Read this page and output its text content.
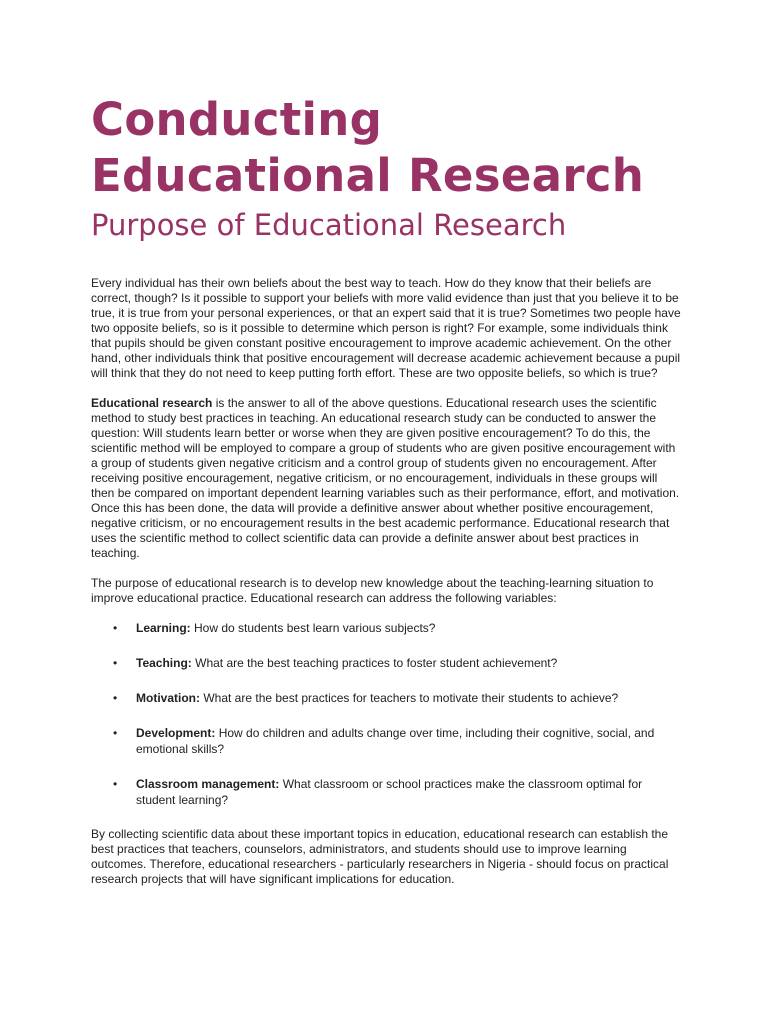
Conducting
Educational Research
Purpose of Educational Research

Every individual has their own beliefs about the best way to teach. How do they know that their beliefs are correct, though? Is it possible to support your beliefs with more valid evidence than just that you believe it to be true, it is true from your personal experiences, or that an expert said that it is true? Sometimes two people have two opposite beliefs, so is it possible to determine which person is right? For example, some individuals think that pupils should be given constant positive encouragement to improve academic achievement. On the other hand, other individuals think that positive encouragement will decrease academic achievement because a pupil will think that they do not need to keep putting forth effort. These are two opposite beliefs, so which is true?

Educational research is the answer to all of the above questions. Educational research uses the scientific method to study best practices in teaching. An educational research study can be conducted to answer the question: Will students learn better or worse when they are given positive encouragement? To do this, the scientific method will be employed to compare a group of students who are given positive encouragement with a group of students given negative criticism and a control group of students given no encouragement. After receiving positive encouragement, negative criticism, or no encouragement, individuals in these groups will then be compared on important dependent learning variables such as their performance, effort, and motivation. Once this has been done, the data will provide a definitive answer about whether positive encouragement, negative criticism, or no encouragement results in the best academic performance. Educational research that uses the scientific method to collect scientific data can provide a definite answer about best practices in teaching.

The purpose of educational research is to develop new knowledge about the teaching-learning situation to improve educational practice. Educational research can address the following variables:

• Learning: How do students best learn various subjects?
• Teaching: What are the best teaching practices to foster student achievement?
• Motivation: What are the best practices for teachers to motivate their students to achieve?
• Development: How do children and adults change over time, including their cognitive, social, and emotional skills?
• Classroom management: What classroom or school practices make the classroom optimal for student learning?

By collecting scientific data about these important topics in education, educational research can establish the best practices that teachers, counselors, administrators, and students should use to improve learning outcomes. Therefore, educational researchers - particularly researchers in Nigeria - should focus on practical research projects that will have significant implications for education.
